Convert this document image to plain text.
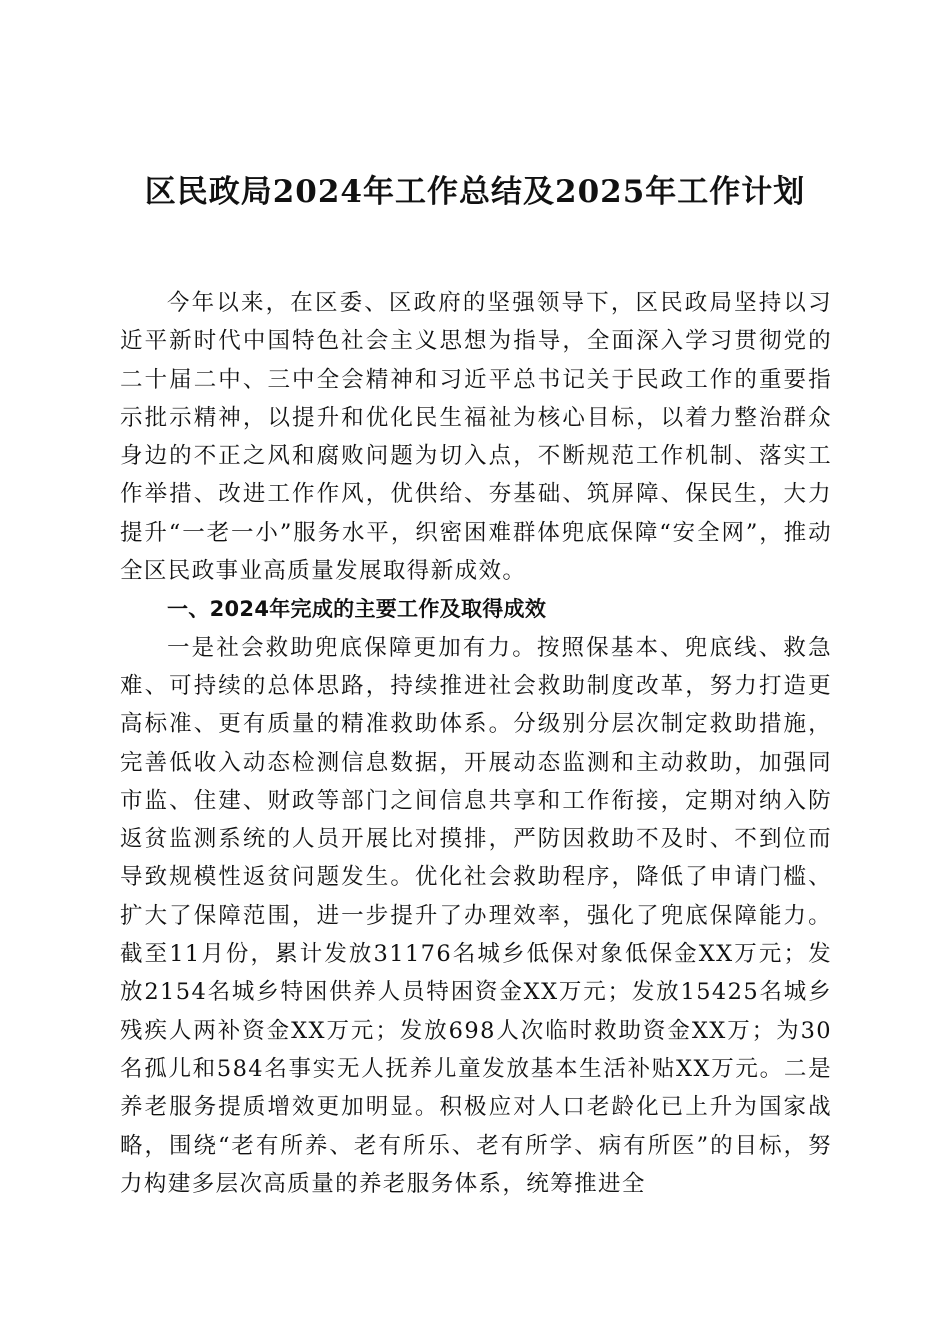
区民政局2024年工作总结及2025年工作计划

今年以来，在区委、区政府的坚强领导下，区民政局坚持以习近平新时代中国特色社会主义思想为指导，全面深入学习贯彻党的二十届二中、三中全会精神和习近平总书记关于民政工作的重要指示批示精神，以提升和优化民生福祉为核心目标，以着力整治群众身边的不正之风和腐败问题为切入点，不断规范工作机制、落实工作举措、改进工作作风，优供给、夯基础、筑屏障、保民生，大力提升“一老一小”服务水平，织密困难群体兜底保障“安全网”，推动全区民政事业高质量发展取得新成效。

一、2024年完成的主要工作及取得成效

一是社会救助兜底保障更加有力。按照保基本、兜底线、救急难、可持续的总体思路，持续推进社会救助制度改革，努力打造更高标准、更有质量的精准救助体系。分级别分层次制定救助措施，完善低收入动态检测信息数据，开展动态监测和主动救助，加强同市监、住建、财政等部门之间信息共享和工作衔接，定期对纳入防返贫监测系统的人员开展比对摸排，严防因救助不及时、不到位而导致规模性返贫问题发生。优化社会救助程序，降低了申请门槛、扩大了保障范围，进一步提升了办理效率，强化了兜底保障能力。截至11月份，累计发放31176名城乡低保对象低保金XX万元；发放2154名城乡特困供养人员特困资金XX万元；发放15425名城乡残疾人两补资金XX万元；发放698人次临时救助资金XX万；为30名孤儿和584名事实无人抚养儿童发放基本生活补贴XX万元。二是养老服务提质增效更加明显。积极应对人口老龄化已上升为国家战略，围绕“老有所养、老有所乐、老有所学、病有所医”的目标，努力构建多层次高质量的养老服务体系，统筹推进全
